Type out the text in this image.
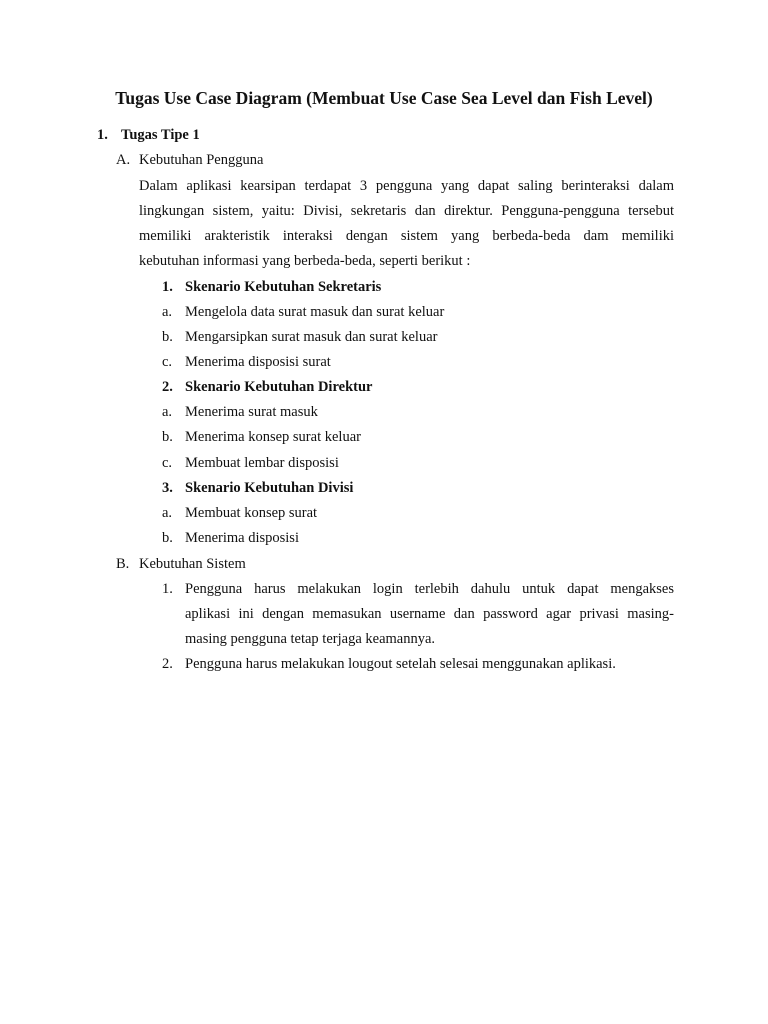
Tugas Use Case Diagram (Membuat Use Case Sea Level dan Fish Level)
1. Tugas Tipe 1
A. Kebutuhan Pengguna
Dalam aplikasi kearsipan terdapat 3 pengguna yang dapat saling berinteraksi dalam
lingkungan sistem, yaitu: Divisi, sekretaris dan direktur. Pengguna-pengguna tersebut
memiliki arakteristik interaksi dengan sistem yang berbeda-beda dam memiliki
kebutuhan informasi yang berbeda-beda, seperti berikut :
1. Skenario Kebutuhan Sekretaris
a. Mengelola data surat masuk dan surat keluar
b. Mengarsipkan surat masuk dan surat keluar
c. Menerima disposisi surat
2. Skenario Kebutuhan Direktur
a. Menerima surat masuk
b. Menerima konsep surat keluar
c. Membuat lembar disposisi
3. Skenario Kebutuhan Divisi
a. Membuat konsep surat
b. Menerima disposisi
B. Kebutuhan Sistem
1. Pengguna harus melakukan login terlebih dahulu untuk dapat mengakses
aplikasi ini dengan memasukan username dan password agar privasi masing-
masing pengguna tetap terjaga keamannya.
2. Pengguna harus melakukan lougout setelah selesai menggunakan aplikasi.
